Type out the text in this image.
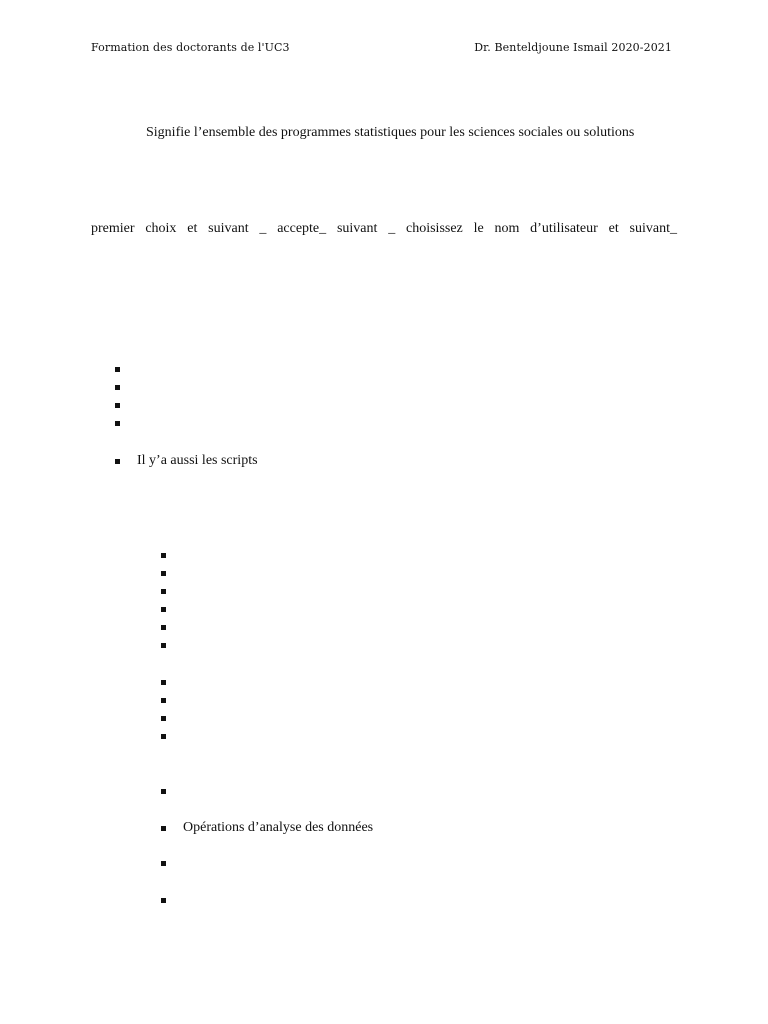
Formation des doctorants de l'UC3	Dr. Benteldjoune Ismail 2020-2021
Signifie l’ensemble des programmes statistiques pour les sciences sociales ou solutions
premier choix et suivant _ accepte_ suivant _ choisissez le nom d’utilisateur et suivant_
Il y’a aussi les scripts
Opérations d’analyse des données
